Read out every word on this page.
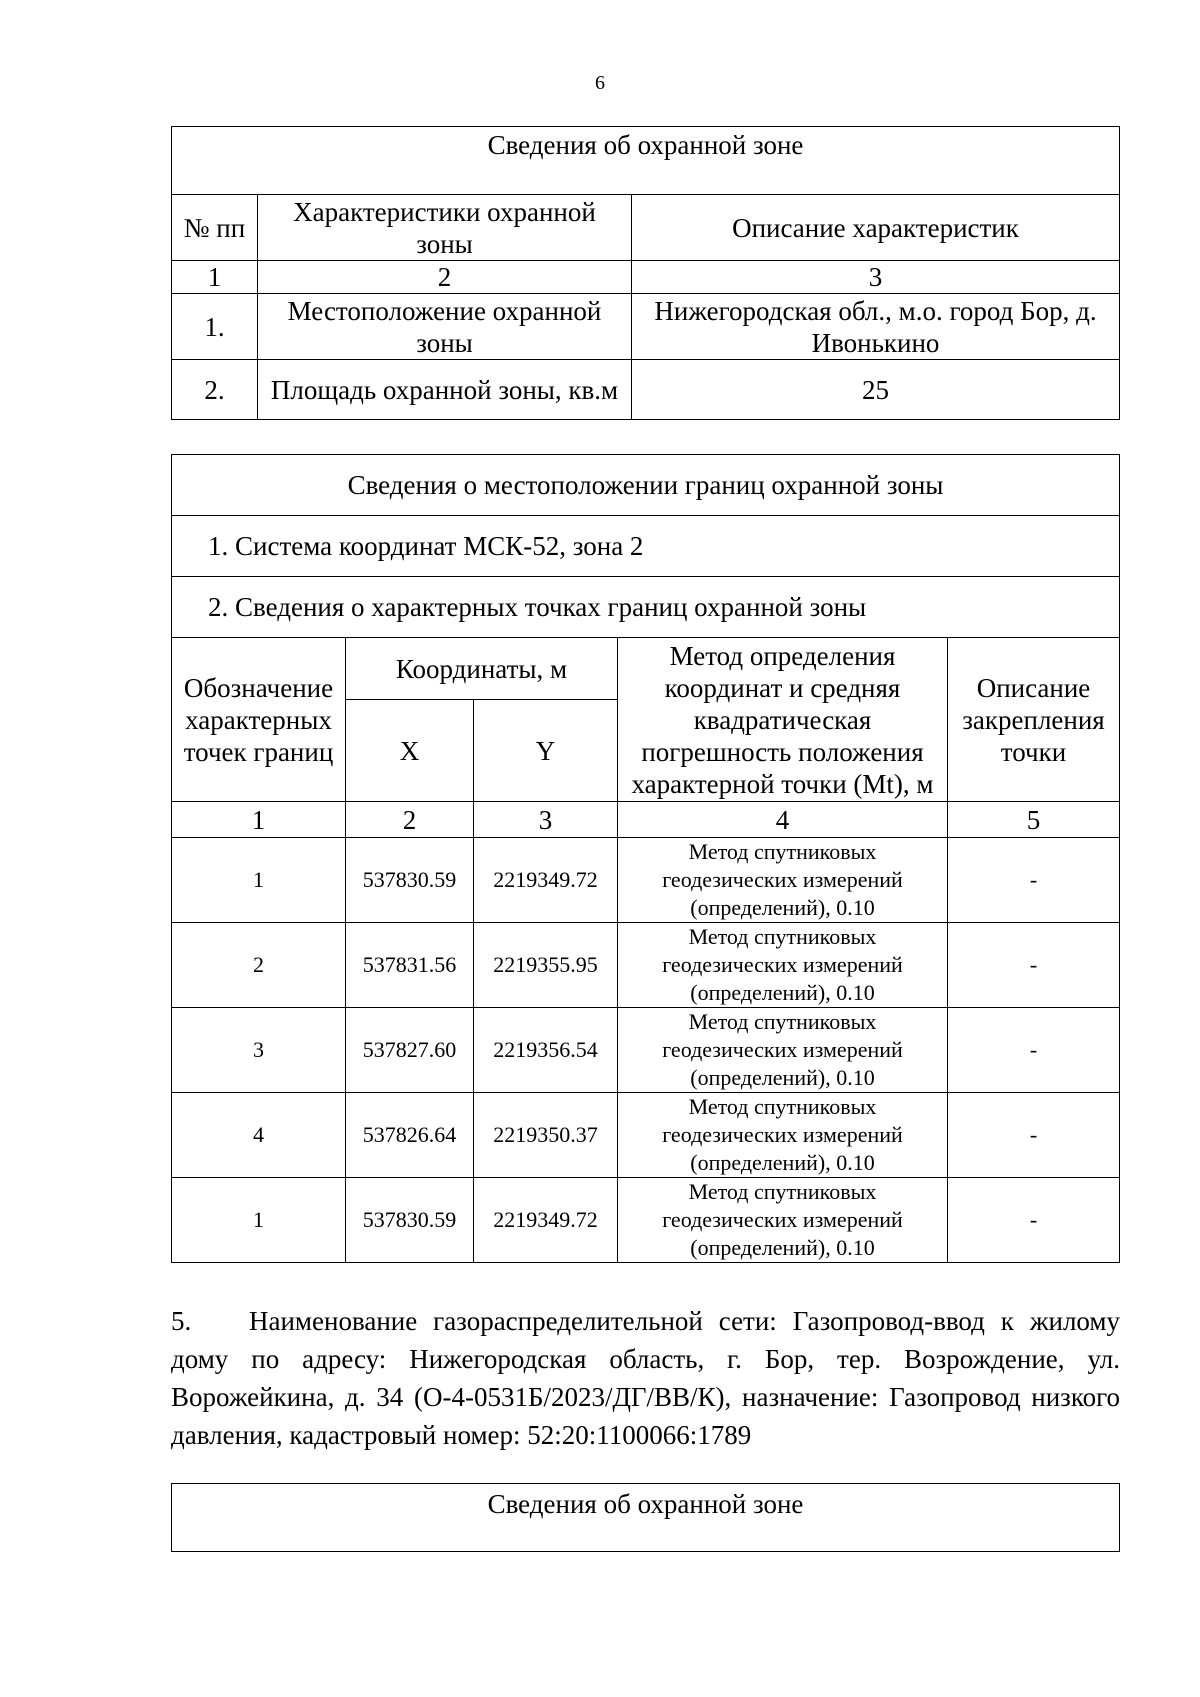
6
Сведения об охранной зоне		
№ пп	Характеристики охранной зоны	Описание характеристик
1	2	3
1.	Местоположение охранной зоны	Нижегородская обл., м.о. город Бор, д. Ивонькино
2.	Площадь охранной зоны, кв.м	25
Сведения о местоположении границ охранной зоны				
1. Система координат МСК-52, зона 2				
2. Сведения о характерных точках границ охранной зоны				
Обозначение характерных точек границ	Координаты, м		Метод определения координат и средняя квадратическая погрешность положения характерной точки (Mt), м	Описание закрепления точки
	X	Y		
1	2	3	4	5
1	537830.59	2219349.72	Метод спутниковых геодезических измерений (определений), 0.10	-
2	537831.56	2219355.95	Метод спутниковых геодезических измерений (определений), 0.10	-
3	537827.60	2219356.54	Метод спутниковых геодезических измерений (определений), 0.10	-
4	537826.64	2219350.37	Метод спутниковых геодезических измерений (определений), 0.10	-
1	537830.59	2219349.72	Метод спутниковых геодезических измерений (определений), 0.10	-
5. Наименование газораспределительной сети: Газопровод-ввод к жилому дому по адресу: Нижегородская область, г. Бор, тер. Возрождение, ул. Ворожейкина, д. 34 (О-4-0531Б/2023/ДГ/ВВ/К), назначение: Газопровод низкого давления, кадастровый номер: 52:20:1100066:1789
Сведения об охранной зоне
